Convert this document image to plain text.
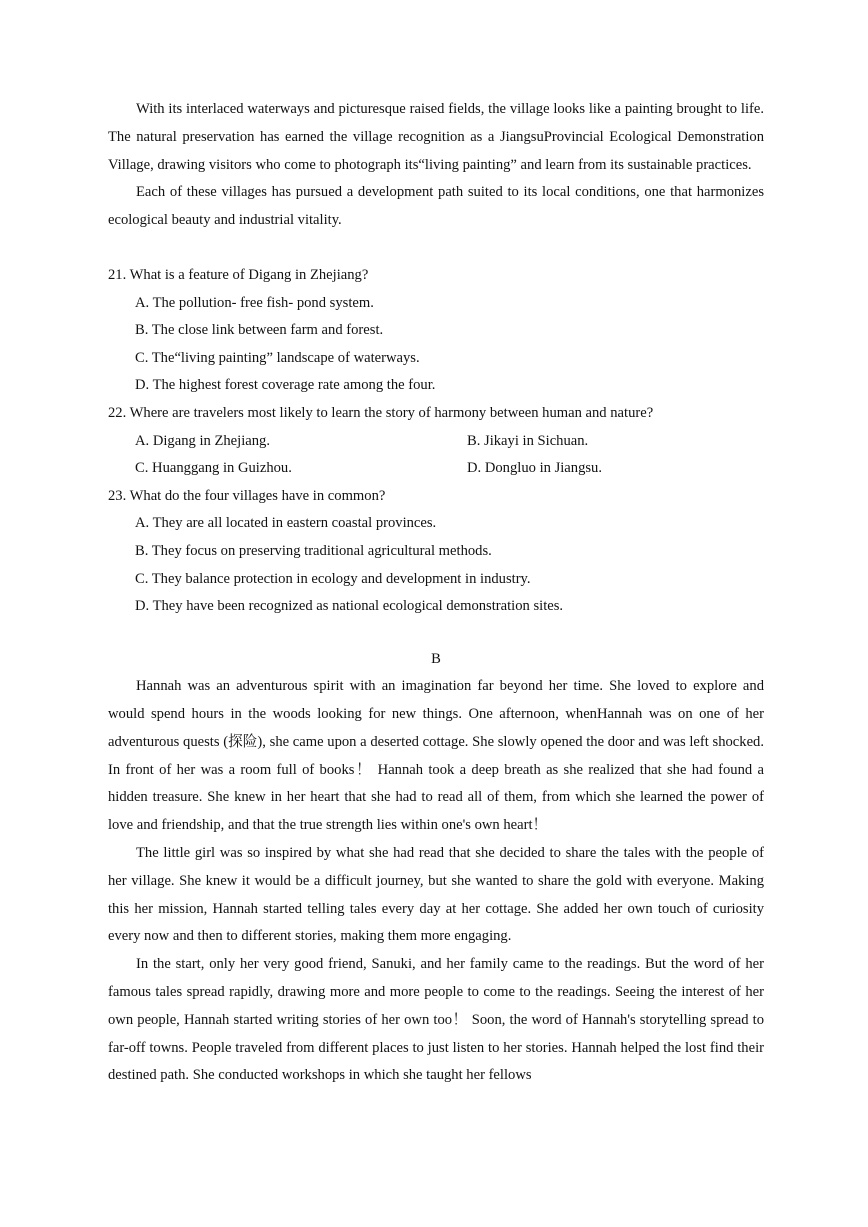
With its interlaced waterways and picturesque raised fields, the village looks like a painting brought to life. The natural preservation has earned the village recognition as a JiangsuProvincial Ecological Demonstration Village, drawing visitors who come to photograph its“living painting” and learn from its sustainable practices.

Each of these villages has pursued a development path suited to its local conditions, one that harmonizes ecological beauty and industrial vitality.

21. What is a feature of Digang in Zhejiang?

A. The pollution- free fish- pond system.

B. The close link between farm and forest.

C. The“living painting” landscape of waterways.

D. The highest forest coverage rate among the four.

22. Where are travelers most likely to learn the story of harmony between human and nature?

A. Digang in Zhejiang.	B. Jikayi in Sichuan.
C. Huanggang in Guizhou.	D. Dongluo in Jiangsu.

23. What do the four villages have in common?

A. They are all located in eastern coastal provinces.

B. They focus on preserving traditional agricultural methods.

C. They balance protection in ecology and development in industry.

D. They have been recognized as national ecological demonstration sites.

B

Hannah was an adventurous spirit with an imagination far beyond her time. She loved to explore and would spend hours in the woods looking for new things. One afternoon, whenHannah was on one of her adventurous quests (探险), she came upon a deserted cottage. She slowly opened the door and was left shocked. In front of her was a room full of books！ Hannah took a deep breath as she realized that she had found a hidden treasure. She knew in her heart that she had to read all of them, from which she learned the power of love and friendship, and that the true strength lies within one's own heart！

The little girl was so inspired by what she had read that she decided to share the tales with the people of her village. She knew it would be a difficult journey, but she wanted to share the gold with everyone. Making this her mission, Hannah started telling tales every day at her cottage. She added her own touch of curiosity every now and then to different stories, making them more engaging.

In the start, only her very good friend, Sanuki, and her family came to the readings. But the word of her famous tales spread rapidly, drawing more and more people to come to the readings. Seeing the interest of her own people, Hannah started writing stories of her own too！ Soon, the word of Hannah's storytelling spread to far-off towns. People traveled from different places to just listen to her stories. Hannah helped the lost find their destined path. She conducted workshops in which she taught her fellows
